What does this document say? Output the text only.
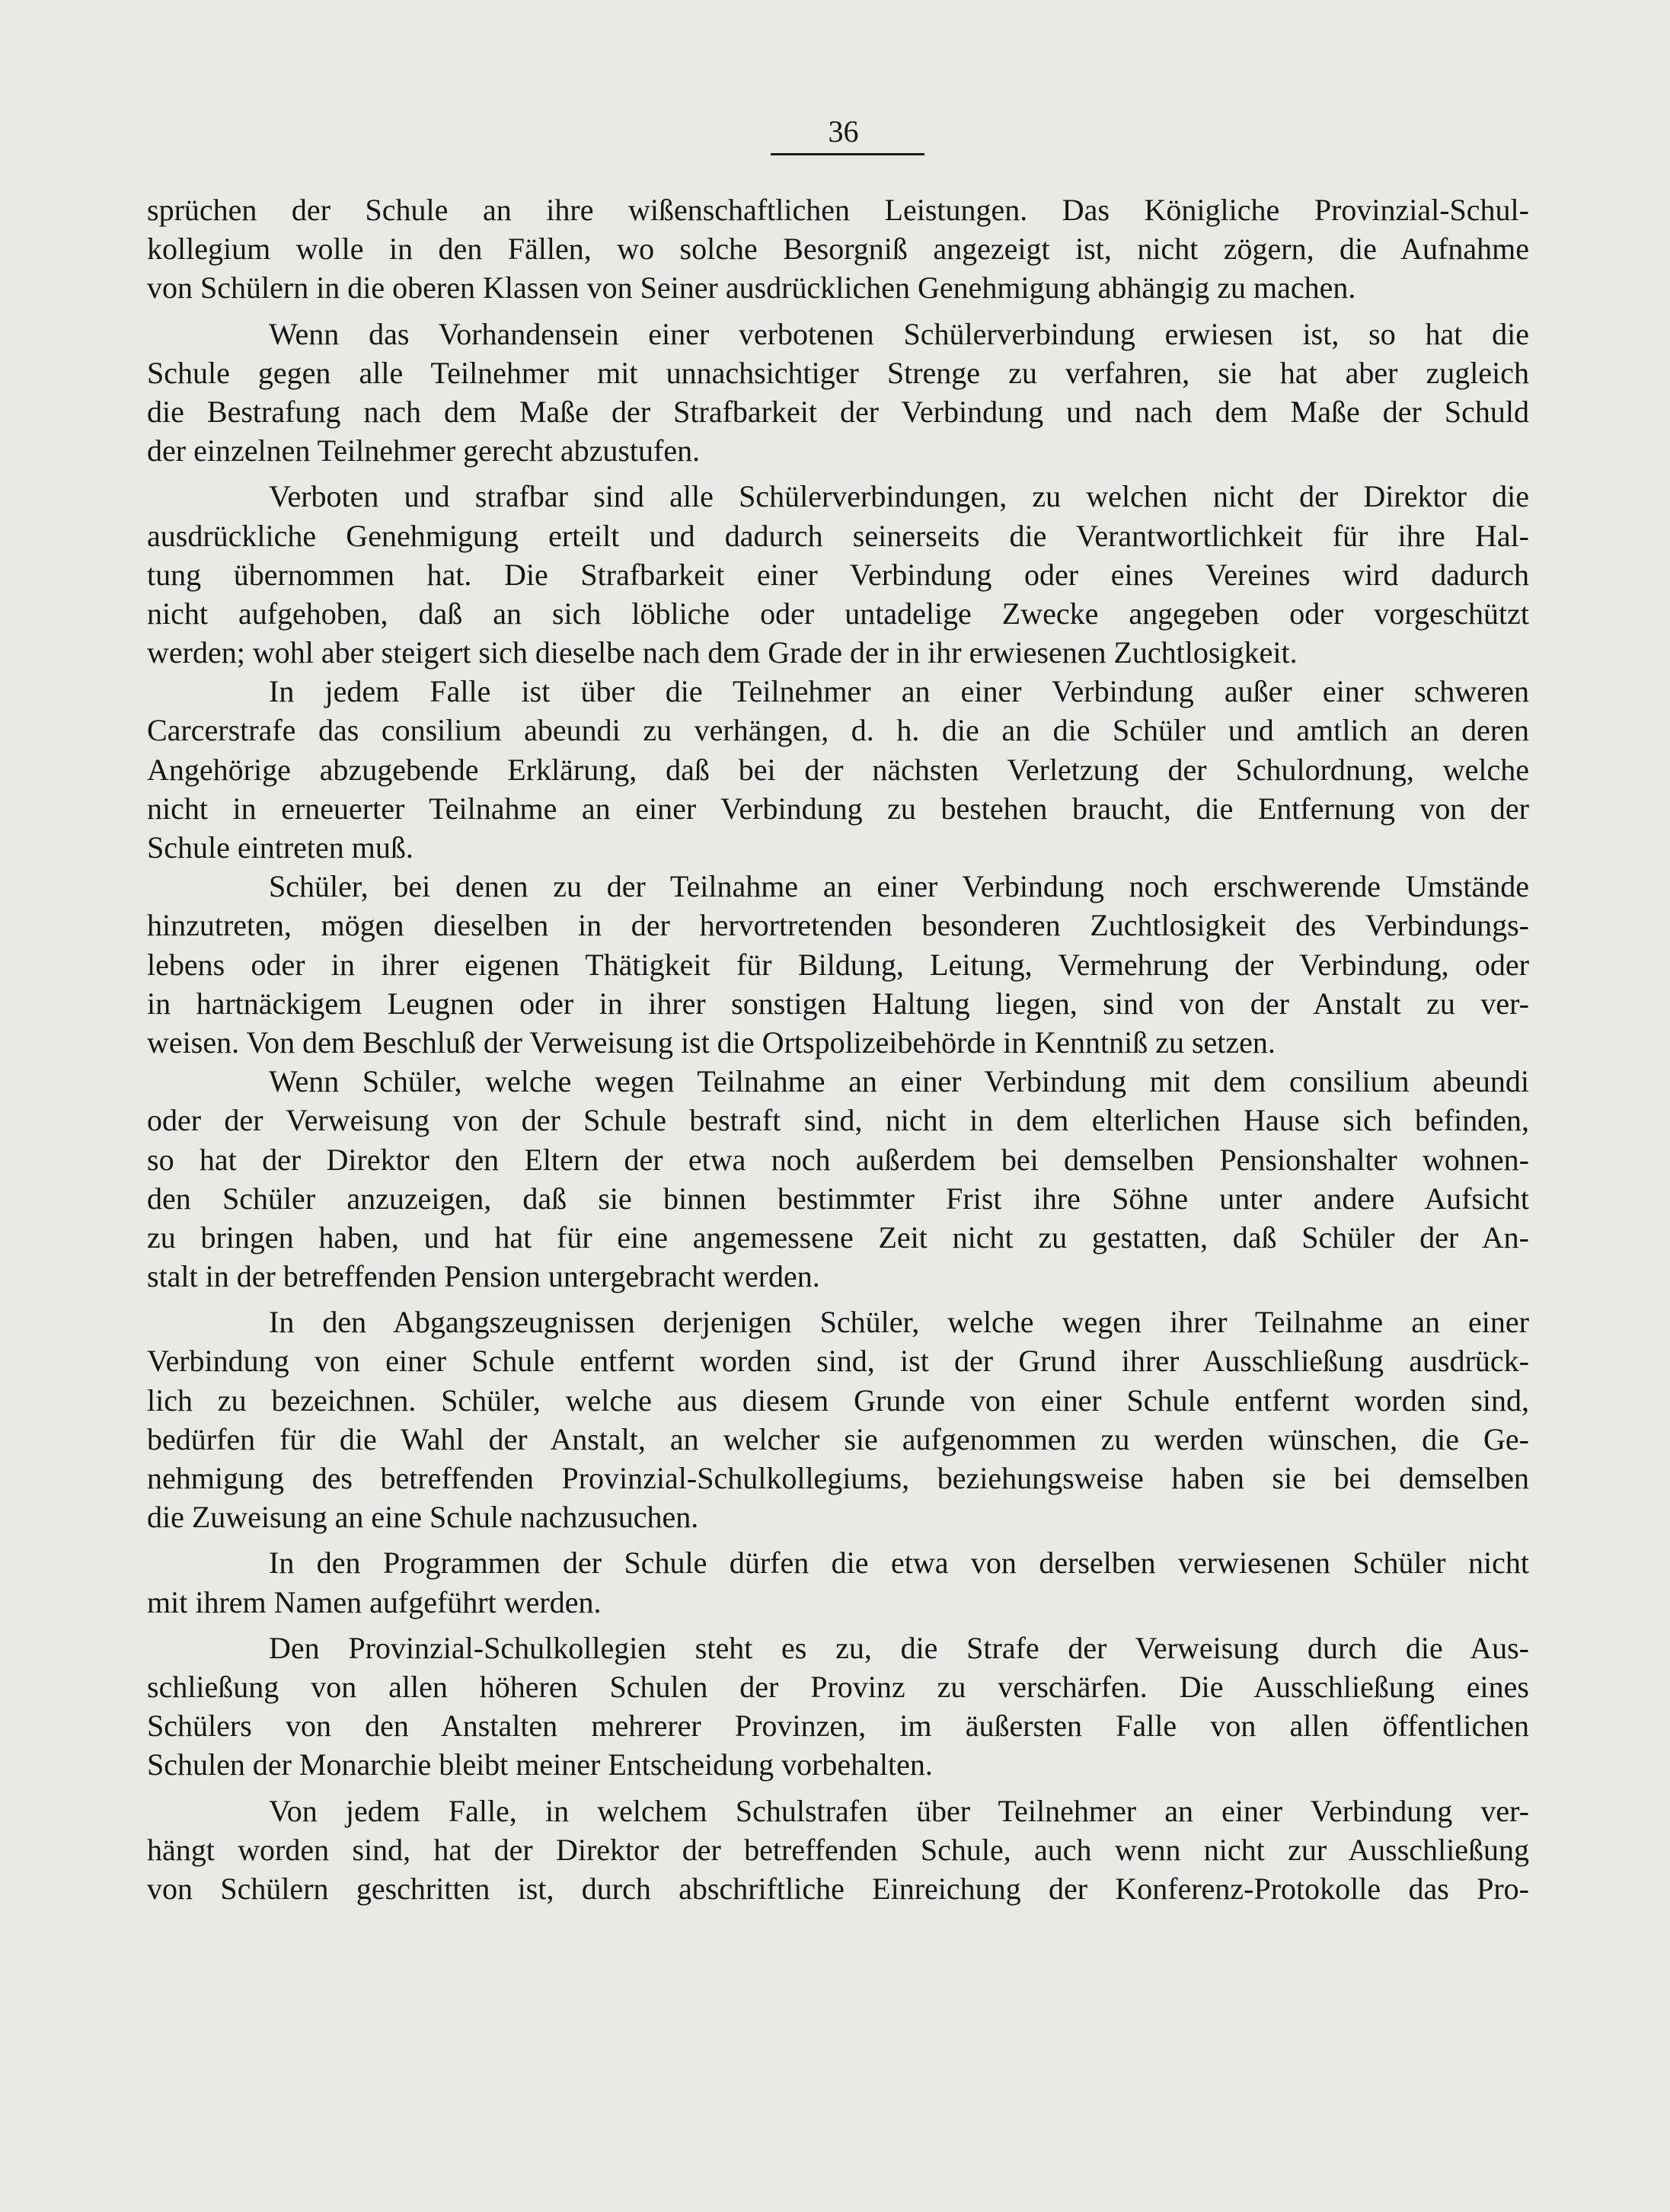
36
sprüchen der Schule an ihre wißenschaftlichen Leistungen. Das Königliche Provinzial-Schul-
kollegium wolle in den Fällen, wo solche Besorgniß angezeigt ist, nicht zögern, die Aufnahme
von Schülern in die oberen Klassen von Seiner ausdrücklichen Genehmigung abhängig zu machen.
Wenn das Vorhandensein einer verbotenen Schülerverbindung erwiesen ist, so hat die
Schule gegen alle Teilnehmer mit unnachsichtiger Strenge zu verfahren, sie hat aber zugleich
die Bestrafung nach dem Maße der Strafbarkeit der Verbindung und nach dem Maße der Schuld
der einzelnen Teilnehmer gerecht abzustufen.
Verboten und strafbar sind alle Schülerverbindungen, zu welchen nicht der Direktor die
ausdrückliche Genehmigung erteilt und dadurch seinerseits die Verantwortlichkeit für ihre Hal-
tung übernommen hat. Die Strafbarkeit einer Verbindung oder eines Vereines wird dadurch
nicht aufgehoben, daß an sich löbliche oder untadelige Zwecke angegeben oder vorgeschützt
werden; wohl aber steigert sich dieselbe nach dem Grade der in ihr erwiesenen Zuchtlosigkeit.
In jedem Falle ist über die Teilnehmer an einer Verbindung außer einer schweren
Carcerstrafe das consilium abeundi zu verhängen, d. h. die an die Schüler und amtlich an deren
Angehörige abzugebende Erklärung, daß bei der nächsten Verletzung der Schulordnung, welche
nicht in erneuerter Teilnahme an einer Verbindung zu bestehen braucht, die Entfernung von der
Schule eintreten muß.
Schüler, bei denen zu der Teilnahme an einer Verbindung noch erschwerende Umstände
hinzutreten, mögen dieselben in der hervortretenden besonderen Zuchtlosigkeit des Verbindungs-
lebens oder in ihrer eigenen Thätigkeit für Bildung, Leitung, Vermehrung der Verbindung, oder
in hartnäckigem Leugnen oder in ihrer sonstigen Haltung liegen, sind von der Anstalt zu ver-
weisen. Von dem Beschluß der Verweisung ist die Ortspolizeibehörde in Kenntniß zu setzen.
Wenn Schüler, welche wegen Teilnahme an einer Verbindung mit dem consilium abeundi
oder der Verweisung von der Schule bestraft sind, nicht in dem elterlichen Hause sich befinden,
so hat der Direktor den Eltern der etwa noch außerdem bei demselben Pensionshalter wohnen-
den Schüler anzuzeigen, daß sie binnen bestimmter Frist ihre Söhne unter andere Aufsicht
zu bringen haben, und hat für eine angemessene Zeit nicht zu gestatten, daß Schüler der An-
stalt in der betreffenden Pension untergebracht werden.
In den Abgangszeugnissen derjenigen Schüler, welche wegen ihrer Teilnahme an einer
Verbindung von einer Schule entfernt worden sind, ist der Grund ihrer Ausschließung ausdrück-
lich zu bezeichnen. Schüler, welche aus diesem Grunde von einer Schule entfernt worden sind,
bedürfen für die Wahl der Anstalt, an welcher sie aufgenommen zu werden wünschen, die Ge-
nehmigung des betreffenden Provinzial-Schulkollegiums, beziehungsweise haben sie bei demselben
die Zuweisung an eine Schule nachzusuchen.
In den Programmen der Schule dürfen die etwa von derselben verwiesenen Schüler nicht
mit ihrem Namen aufgeführt werden.
Den Provinzial-Schulkollegien steht es zu, die Strafe der Verweisung durch die Aus-
schließung von allen höheren Schulen der Provinz zu verschärfen. Die Ausschließung eines
Schülers von den Anstalten mehrerer Provinzen, im äußersten Falle von allen öffentlichen
Schulen der Monarchie bleibt meiner Entscheidung vorbehalten.
Von jedem Falle, in welchem Schulstrafen über Teilnehmer an einer Verbindung ver-
hängt worden sind, hat der Direktor der betreffenden Schule, auch wenn nicht zur Ausschließung
von Schülern geschritten ist, durch abschriftliche Einreichung der Konferenz-Protokolle das Pro-
